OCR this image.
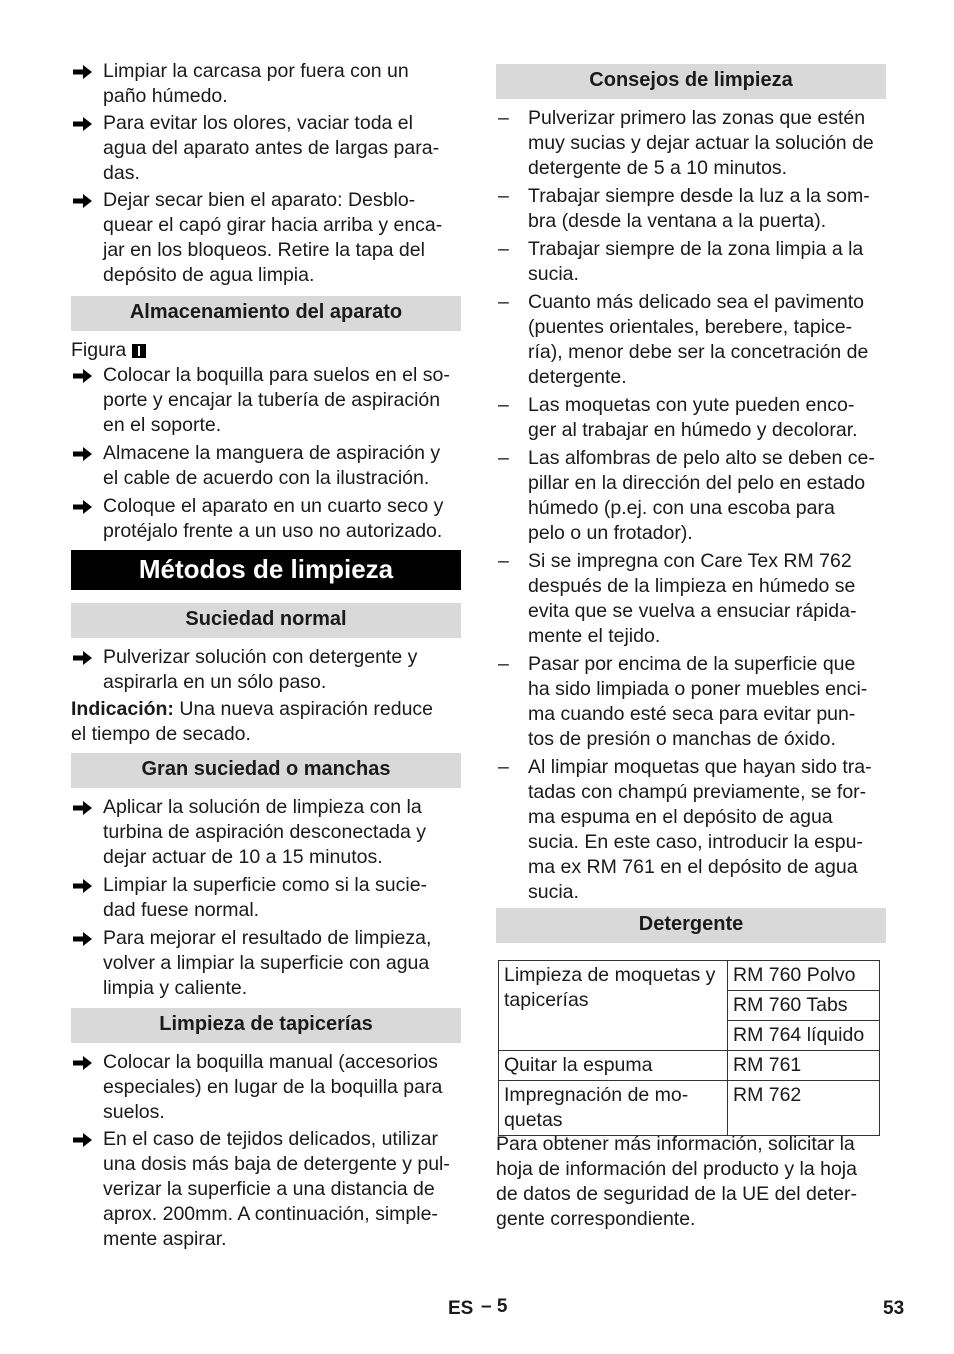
Limpiar la carcasa por fuera con un
paño húmedo.
Para evitar los olores, vaciar toda el
agua del aparato antes de largas para-
das.
Dejar secar bien el aparato: Desblo-
quear el capó girar hacia arriba y enca-
jar en los bloqueos. Retire la tapa del
depósito de agua limpia.
Almacenamiento del aparato
Figura
Colocar la boquilla para suelos en el so-
porte y encajar la tubería de aspiración
en el soporte.
Almacene la manguera de aspiración y
el cable de acuerdo con la ilustración.
Coloque el aparato en un cuarto seco y
protéjalo frente a un uso no autorizado.
Métodos de limpieza
Suciedad normal
Pulverizar solución con detergente y
aspirarla en un sólo paso.
Indicación: Una nueva aspiración reduce
el tiempo de secado.
Gran suciedad o manchas
Aplicar la solución de limpieza con la
turbina de aspiración desconectada y
dejar actuar de 10 a 15 minutos.
Limpiar la superficie como si la sucie-
dad fuese normal.
Para mejorar el resultado de limpieza,
volver a limpiar la superficie con agua
limpia y caliente.
Limpieza de tapicerías
Colocar la boquilla manual (accesorios
especiales) en lugar de la boquilla para
suelos.
En el caso de tejidos delicados, utilizar
una dosis más baja de detergente y pul-
verizar la superficie a una distancia de
aprox. 200mm. A continuación, simple-
mente aspirar.
Consejos de limpieza
– Pulverizar primero las zonas que estén
muy sucias y dejar actuar la solución de
detergente de 5 a 10 minutos.
– Trabajar siempre desde la luz a la som-
bra (desde la ventana a la puerta).
– Trabajar siempre de la zona limpia a la
sucia.
– Cuanto más delicado sea el pavimento
(puentes orientales, berebere, tapice-
ría), menor debe ser la concetración de
detergente.
– Las moquetas con yute pueden enco-
ger al trabajar en húmedo y decolorar.
– Las alfombras de pelo alto se deben ce-
pillar en la dirección del pelo en estado
húmedo (p.ej. con una escoba para
pelo o un frotador).
– Si se impregna con Care Tex RM 762
después de la limpieza en húmedo se
evita que se vuelva a ensuciar rápida-
mente el tejido.
– Pasar por encima de la superficie que
ha sido limpiada o poner muebles enci-
ma cuando esté seca para evitar pun-
tos de presión o manchas de óxido.
– Al limpiar moquetas que hayan sido tra-
tadas con champú previamente, se for-
ma espuma en el depósito de agua
sucia. En este caso, introducir la espu-
ma ex RM 761 en el depósito de agua
sucia.
Detergente
Limpieza de moquetas y
tapicerías	RM 760 Polvo
	RM 760 Tabs
	RM 764 líquido
Quitar la espuma	RM 761
Impregnación de mo-
quetas	RM 762
Para obtener más información, solicitar la
hoja de información del producto y la hoja
de datos de seguridad de la UE del deter-
gente correspondiente.
ES – 5	53
